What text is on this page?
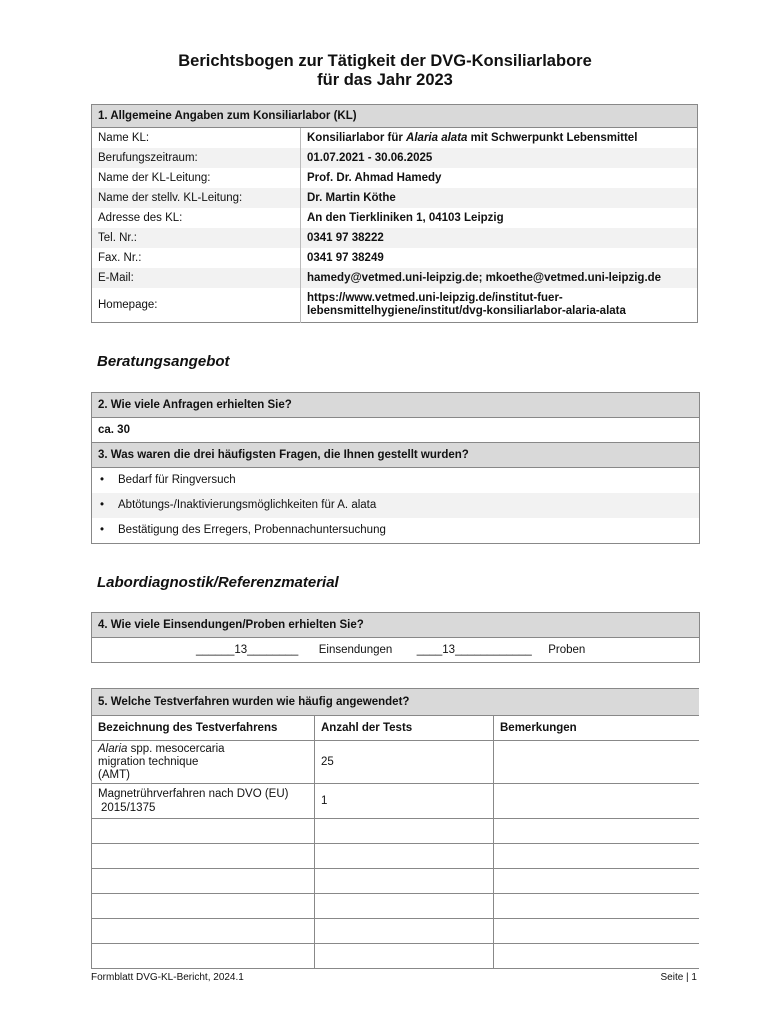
Berichtsbogen zur Tätigkeit der DVG-Konsiliarlabore
für das Jahr 2023
1. Allgemeine Angaben zum Konsiliarlabor (KL)	
Name KL:	Konsiliarlabor für Alaria alata mit Schwerpunkt Lebensmittel
Berufungszeitraum:	01.07.2021 - 30.06.2025
Name der KL-Leitung:	Prof. Dr. Ahmad Hamedy
Name der stellv. KL-Leitung:	Dr. Martin Köthe
Adresse des KL:	An den Tierkliniken 1, 04103 Leipzig
Tel. Nr.:	0341 97 38222
Fax. Nr.:	0341 97 38249
E-Mail:	hamedy@vetmed.uni-leipzig.de; mkoethe@vetmed.uni-leipzig.de
Homepage:	https://www.vetmed.uni-leipzig.de/institut-fuer-
lebensmittelhygiene/institut/dvg-konsiliarlabor-alaria-alata
Beratungsangebot
2. Wie viele Anfragen erhielten Sie?
ca. 30
3. Was waren die drei häufigsten Fragen, die Ihnen gestellt wurden?
• Bedarf für Ringversuch
• Abtötungs-/Inaktivierungsmöglichkeiten für A. alata
• Bestätigung des Erregers, Probennachuntersuchung
Labordiagnostik/Referenzmaterial
4. Wie viele Einsendungen/Proben erhielten Sie?
______13________ Einsendungen ____13____________ Proben
5. Welche Testverfahren wurden wie häufig angewendet?		
Bezeichnung des Testverfahrens	Anzahl der Tests	Bemerkungen
Alaria spp. mesocercaria
migration technique
(AMT)	25	
Magnetrührverfahren nach DVO (EU)
2015/1375	1	

Formblatt DVG-KL-Bericht, 2024.1	Seite | 1
